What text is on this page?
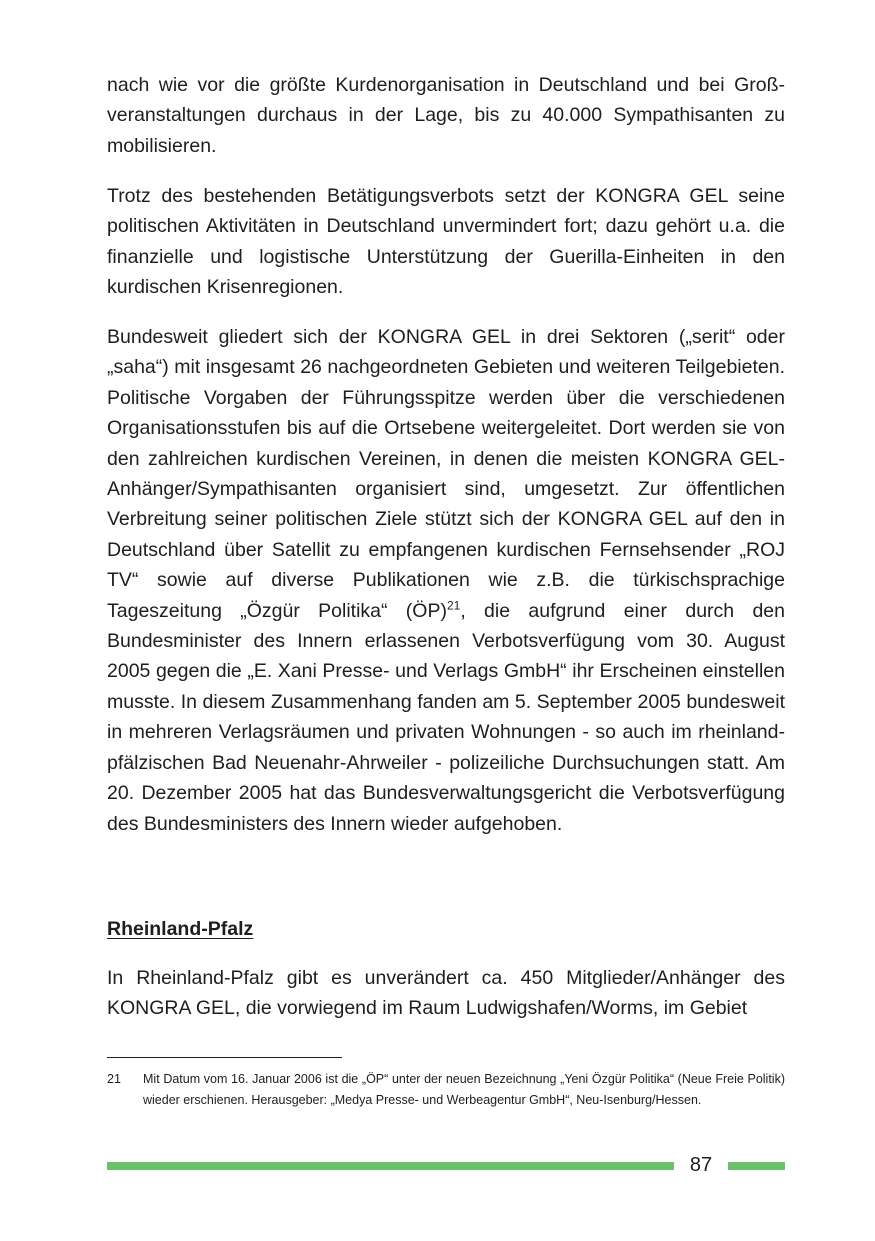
nach wie vor die größte Kurdenorganisation in Deutschland und bei Großveranstaltungen durchaus in der Lage, bis zu 40.000 Sympathisanten zu mobilisieren.

Trotz des bestehenden Betätigungsverbots setzt der KONGRA GEL seine politischen Aktivitäten in Deutschland unvermindert fort; dazu gehört u.a. die finanzielle und logistische Unterstützung der Guerilla-Einheiten in den kurdischen Krisenregionen.

Bundesweit gliedert sich der KONGRA GEL in drei Sektoren („serit“ oder „saha“) mit insgesamt 26 nachgeordneten Gebieten und weiteren Teilgebieten. Politische Vorgaben der Führungsspitze werden über die verschiedenen Organisationsstufen bis auf die Ortsebene weitergeleitet. Dort werden sie von den zahlreichen kurdischen Vereinen, in denen die meisten KONGRA GEL-Anhänger/Sympathisanten organisiert sind, umgesetzt. Zur öffentlichen Verbreitung seiner politischen Ziele stützt sich der KONGRA GEL auf den in Deutschland über Satellit zu empfangenen kurdischen Fernsehsender „ROJ TV“ sowie auf diverse Publikationen wie z.B. die türkischsprachige Tageszeitung „Özgür Politika“ (ÖP)$^{21}$, die aufgrund einer durch den Bundesminister des Innern erlassenen Verbotsverfügung vom 30. August 2005 gegen die „E. Xani Presse- und Verlags GmbH“ ihr Erscheinen einstellen musste. In diesem Zusammenhang fanden am 5. September 2005 bundesweit in mehreren Verlagsräumen und privaten Wohnungen - so auch im rheinland-pfälzischen Bad Neuenahr-Ahrweiler - polizeiliche Durchsuchungen statt. Am 20. Dezember 2005 hat das Bundesverwaltungsgericht die Verbotsverfügung des Bundesministers des Innern wieder aufgehoben.

Rheinland-Pfalz

In Rheinland-Pfalz gibt es unverändert ca. 450 Mitglieder/Anhänger des KONGRA GEL, die vorwiegend im Raum Ludwigshafen/Worms, im Gebiet

21	Mit Datum vom 16. Januar 2006 ist die „ÖP“ unter der neuen Bezeichnung „Yeni Özgür Politika“ (Neue Freie Politik) wieder erschienen. Herausgeber: „Medya Presse- und Werbeagentur GmbH“, Neu-Isenburg/Hessen.
87
